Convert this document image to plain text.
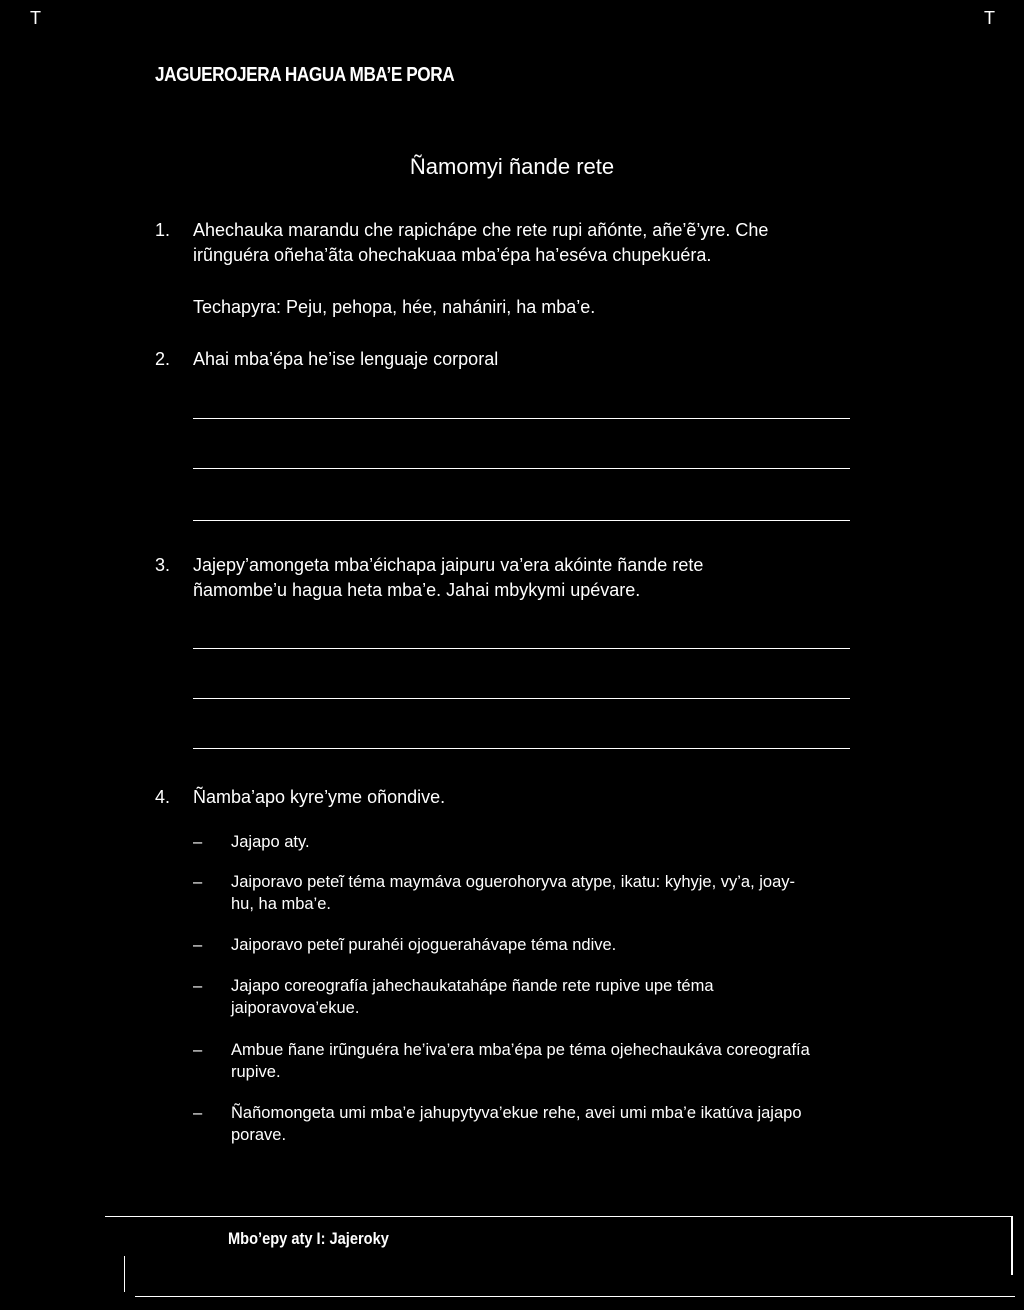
T	T
JAGUEROJERA HAGUA MBA’E PORA
Ñamomyi ñande rete
1. Ahechauka marandu che rapichápe che rete rupi añónte, añe’ẽ’yre. Che
irũnguéra oñeha’ãta ohechakuaa mba’épa ha’eséva chupekuéra.
Techapyra: Peju, pehopa, hée, nahániri, ha mba’e.
2. Ahai mba’épa he’ise lenguaje corporal
3. Jajepy’amongeta mba’éichapa jaipuru va’era akóinte ñande rete
ñamombe’u hagua heta mba’e. Jahai mbykymi upévare.
4. Ñamba’apo kyre’yme oñondive.
– Jajapo aty.
– Jaiporavo peteĩ téma maymáva oguerohoryva atype, ikatu: kyhyje, vy’a, joay-
hu, ha mba’e.
– Jaiporavo peteĩ purahéi ojoguerahávape téma ndive.
– Jajapo coreografía jahechaukatahápe ñande rete rupive upe téma
jaiporavova’ekue.
– Ambue ñane irũnguéra he’iva’era mba’épa pe téma ojehechaukáva coreografía
rupive.
– Ñañomongeta umi mba’e jahupytyva’ekue rehe, avei umi mba’e ikatúva jajapo
porave.
Mbo’epy aty I: Jajeroky
